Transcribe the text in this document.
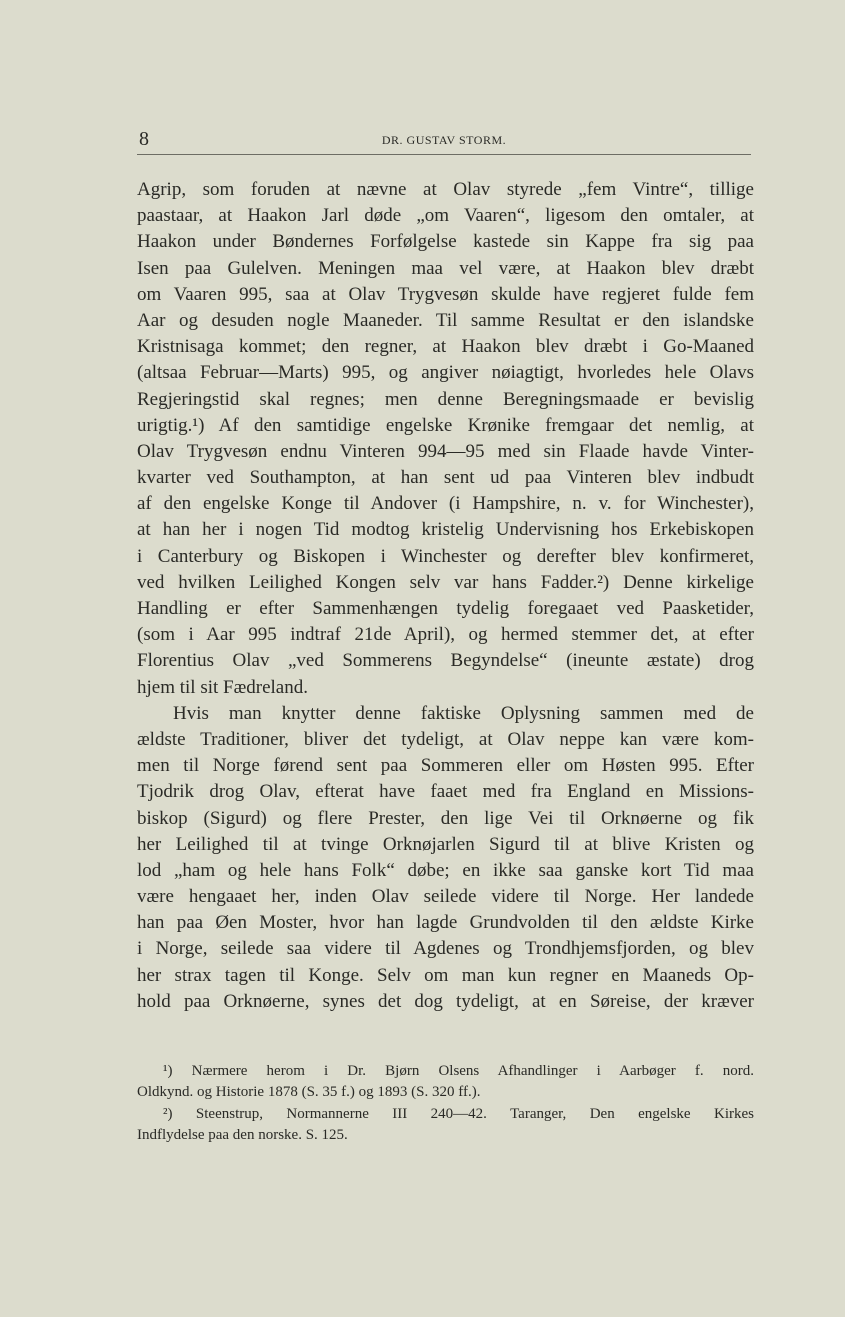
8	DR. GUSTAV STORM.
Agrip, som foruden at nævne at Olav styrede „fem Vintre“, tillige
paastaar, at Haakon Jarl døde „om Vaaren“, ligesom den omtaler, at
Haakon under Bøndernes Forfølgelse kastede sin Kappe fra sig paa
Isen paa Gulelven. Meningen maa vel være, at Haakon blev dræbt
om Vaaren 995, saa at Olav Trygvesøn skulde have regjeret fulde fem
Aar og desuden nogle Maaneder. Til samme Resultat er den islandske
Kristnisaga kommet; den regner, at Haakon blev dræbt i Go-Maaned
(altsaa Februar—Marts) 995, og angiver nøiagtigt, hvorledes hele Olavs
Regjeringstid skal regnes; men denne Beregningsmaade er bevislig
urigtig.¹) Af den samtidige engelske Krønike fremgaar det nemlig, at
Olav Trygvesøn endnu Vinteren 994—95 med sin Flaade havde Vinter-
kvarter ved Southampton, at han sent ud paa Vinteren blev indbudt
af den engelske Konge til Andover (i Hampshire, n. v. for Winchester),
at han her i nogen Tid modtog kristelig Undervisning hos Erkebiskopen
i Canterbury og Biskopen i Winchester og derefter blev konfirmeret,
ved hvilken Leilighed Kongen selv var hans Fadder.²) Denne kirkelige
Handling er efter Sammenhængen tydelig foregaaet ved Paasketider,
(som i Aar 995 indtraf 21de April), og hermed stemmer det, at efter
Florentius Olav „ved Sommerens Begyndelse“ (ineunte æstate) drog
hjem til sit Fædreland.
Hvis man knytter denne faktiske Oplysning sammen med de
ældste Traditioner, bliver det tydeligt, at Olav neppe kan være kom-
men til Norge førend sent paa Sommeren eller om Høsten 995. Efter
Tjodrik drog Olav, efterat have faaet med fra England en Missions-
biskop (Sigurd) og flere Prester, den lige Vei til Orknøerne og fik
her Leilighed til at tvinge Orknøjarlen Sigurd til at blive Kristen og
lod „ham og hele hans Folk“ døbe; en ikke saa ganske kort Tid maa
være hengaaet her, inden Olav seilede videre til Norge. Her landede
han paa Øen Moster, hvor han lagde Grundvolden til den ældste Kirke
i Norge, seilede saa videre til Agdenes og Trondhjemsfjorden, og blev
her strax tagen til Konge. Selv om man kun regner en Maaneds Op-
hold paa Orknøerne, synes det dog tydeligt, at en Søreise, der kræver
¹) Nærmere herom i Dr. Bjørn Olsens Afhandlinger i Aarbøger f. nord.
Oldkynd. og Historie 1878 (S. 35 f.) og 1893 (S. 320 ff.).
²) Steenstrup, Normannerne III 240—42. Taranger, Den engelske Kirkes
Indflydelse paa den norske. S. 125.
